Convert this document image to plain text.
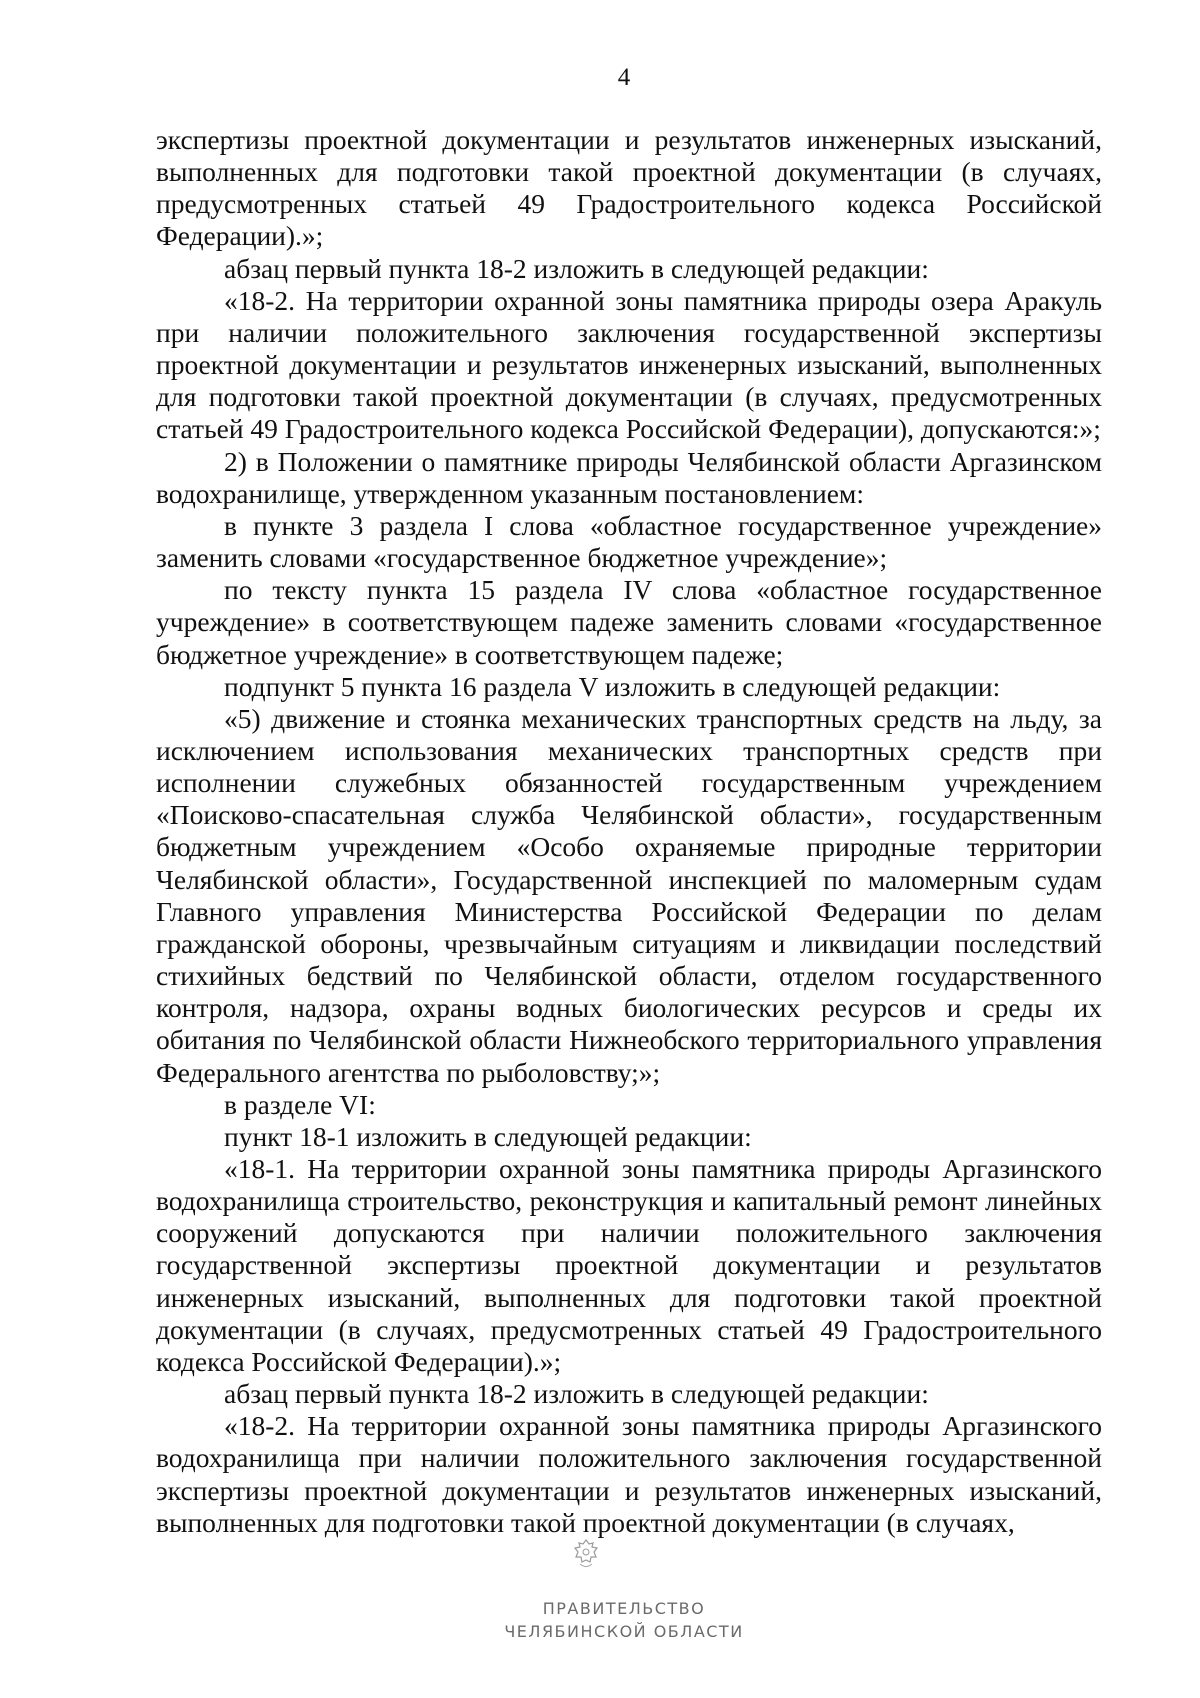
4

экспертизы проектной документации и результатов инженерных изысканий, выполненных для подготовки такой проектной документации (в случаях, предусмотренных статьей 49 Градостроительного кодекса Российской Федерации).»;

абзац первый пункта 18-2 изложить в следующей редакции:

«18-2. На территории охранной зоны памятника природы озера Аракуль при наличии положительного заключения государственной экспертизы проектной документации и результатов инженерных изысканий, выполненных для подготовки такой проектной документации (в случаях, предусмотренных статьей 49 Градостроительного кодекса Российской Федерации), допускаются:»;

2) в Положении о памятнике природы Челябинской области Аргазинском водохранилище, утвержденном указанным постановлением:

в пункте 3 раздела I слова «областное государственное учреждение» заменить словами «государственное бюджетное учреждение»;

по тексту пункта 15 раздела IV слова «областное государственное учреждение» в соответствующем падеже заменить словами «государственное бюджетное учреждение» в соответствующем падеже;

подпункт 5 пункта 16 раздела V изложить в следующей редакции:

«5) движение и стоянка механических транспортных средств на льду, за исключением использования механических транспортных средств при исполнении служебных обязанностей государственным учреждением «Поисково-спасательная служба Челябинской области», государственным бюджетным учреждением «Особо охраняемые природные территории Челябинской области», Государственной инспекцией по маломерным судам Главного управления Министерства Российской Федерации по делам гражданской обороны, чрезвычайным ситуациям и ликвидации последствий стихийных бедствий по Челябинской области, отделом государственного контроля, надзора, охраны водных биологических ресурсов и среды их обитания по Челябинской области Нижнеобского территориального управления Федерального агентства по рыболовству;»;

в разделе VI:

пункт 18-1 изложить в следующей редакции:

«18-1. На территории охранной зоны памятника природы Аргазинского водохранилища строительство, реконструкция и капитальный ремонт линейных сооружений допускаются при наличии положительного заключения государственной экспертизы проектной документации и результатов инженерных изысканий, выполненных для подготовки такой проектной документации (в случаях, предусмотренных статьей 49 Градостроительного кодекса Российской Федерации).»;

абзац первый пункта 18-2 изложить в следующей редакции:

«18-2. На территории охранной зоны памятника природы Аргазинского водохранилища при наличии положительного заключения государственной экспертизы проектной документации и результатов инженерных изысканий, выполненных для подготовки такой проектной документации (в случаях,

ПРАВИТЕЛЬСТВО
ЧЕЛЯБИНСКОЙ ОБЛАСТИ
